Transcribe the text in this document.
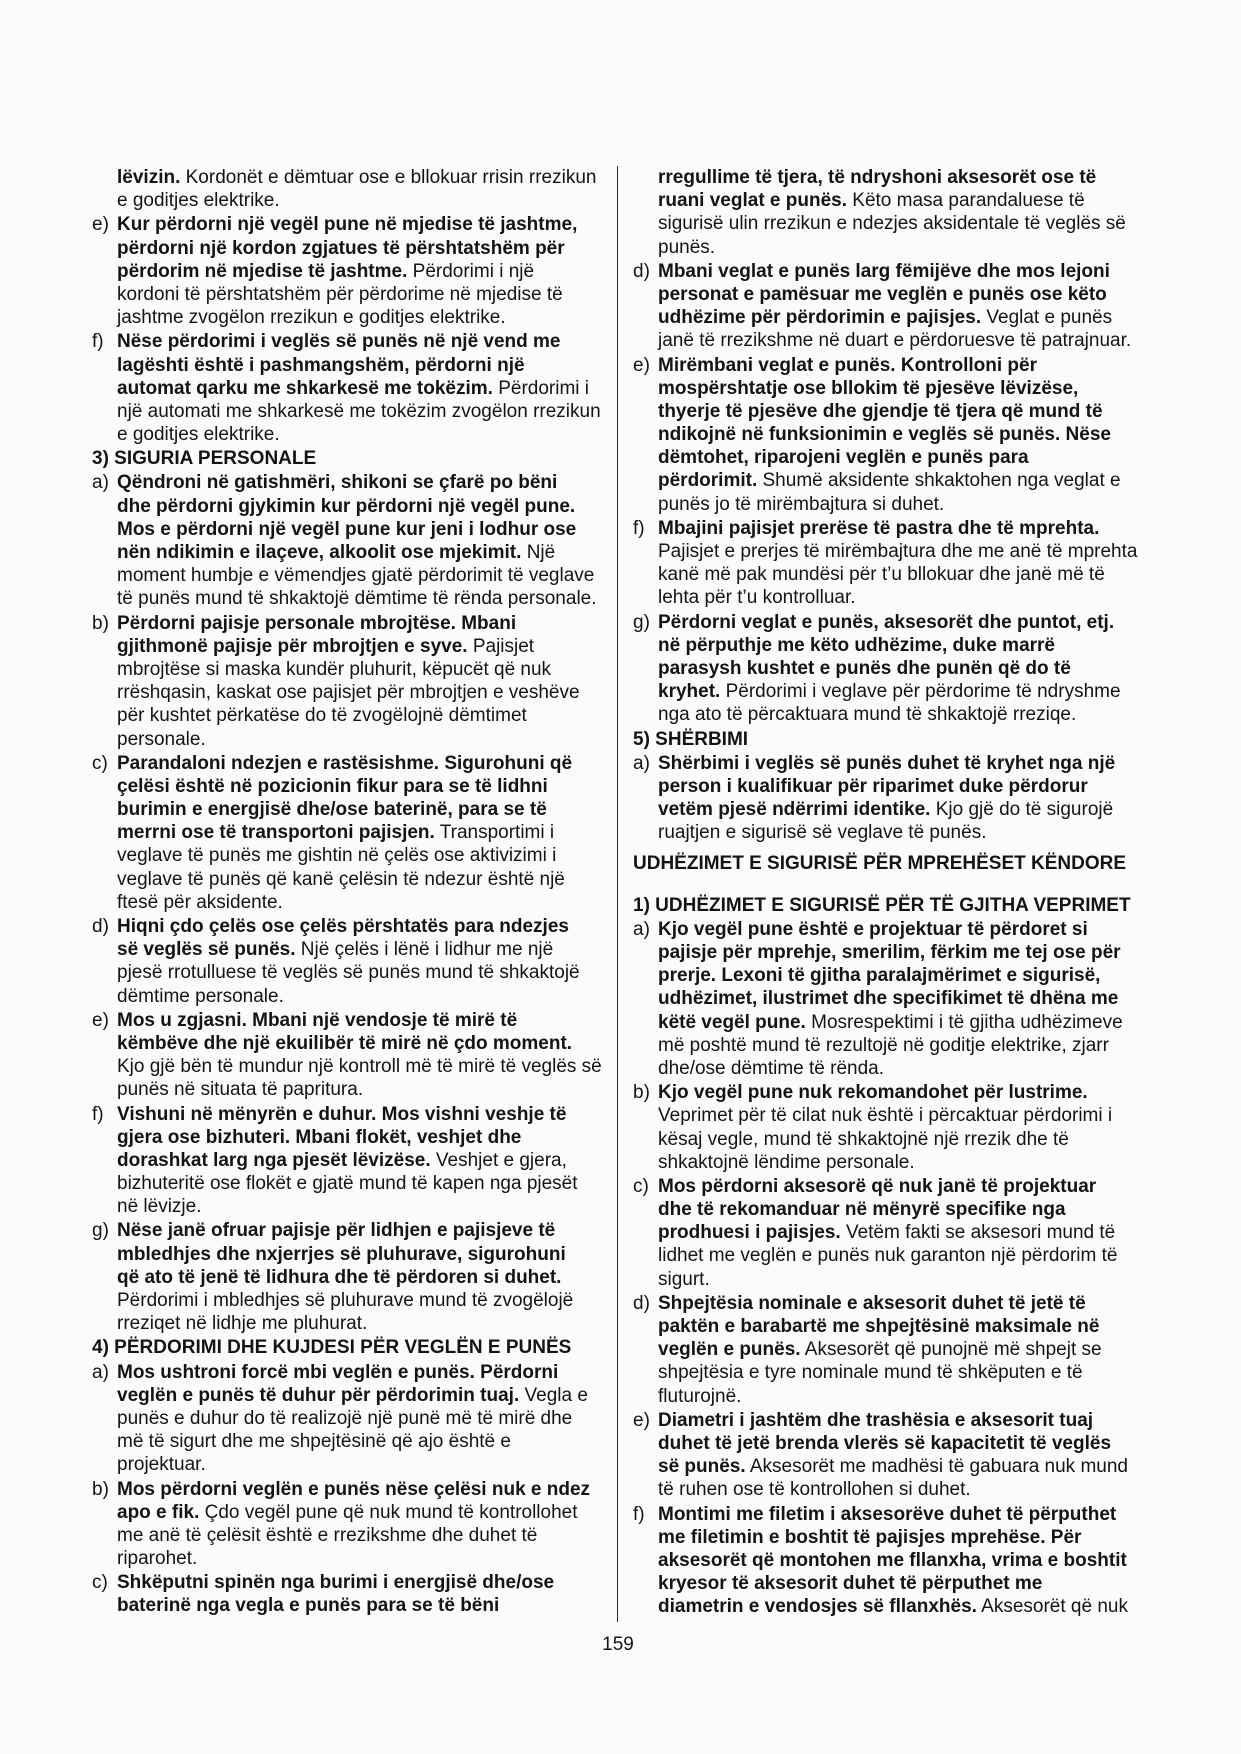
lëvizin. Kordonët e dëmtuar ose e bllokuar rrisin rrezikun
e goditjes elektrike.
e) Kur përdorni një vegël pune në mjedise të jashtme,
përdorni një kordon zgjatues të përshtatshëm për
përdorim në mjedise të jashtme. Përdorimi i një
kordoni të përshtatshëm për përdorime në mjedise të
jashtme zvogëlon rrezikun e goditjes elektrike.
f) Nëse përdorimi i veglës së punës në një vend me
lagështi është i pashmangshëm, përdorni një
automat qarku me shkarkesë me tokëzim. Përdorimi i
një automati me shkarkesë me tokëzim zvogëlon rrezikun
e goditjes elektrike.
3) SIGURIA PERSONALE
a) Qëndroni në gatishmëri, shikoni se çfarë po bëni
dhe përdorni gjykimin kur përdorni një vegël pune.
Mos e përdorni një vegël pune kur jeni i lodhur ose
nën ndikimin e ilaçeve, alkoolit ose mjekimit. Një
moment humbje e vëmendjes gjatë përdorimit të veglave
të punës mund të shkaktojë dëmtime të rënda personale.
b) Përdorni pajisje personale mbrojtëse. Mbani
gjithmonë pajisje për mbrojtjen e syve. Pajisjet
mbrojtëse si maska kundër pluhurit, këpucët që nuk
rrëshqasin, kaskat ose pajisjet për mbrojtjen e veshëve
për kushtet përkatëse do të zvogëlojnë dëmtimet
personale.
c) Parandaloni ndezjen e rastësishme. Sigurohuni që
çelësi është në pozicionin fikur para se të lidhni
burimin e energjisë dhe/ose baterinë, para se të
merrni ose të transportoni pajisjen. Transportimi i
veglave të punës me gishtin në çelës ose aktivizimi i
veglave të punës që kanë çelësin të ndezur është një
ftesë për aksidente.
d) Hiqni çdo çelës ose çelës përshtatës para ndezjes
së veglës së punës. Një çelës i lënë i lidhur me një
pjesë rrotulluese të veglës së punës mund të shkaktojë
dëmtime personale.
e) Mos u zgjasni. Mbani një vendosje të mirë të
këmbëve dhe një ekuilibër të mirë në çdo moment.
Kjo gjë bën të mundur një kontroll më të mirë të veglës së
punës në situata të papritura.
f) Vishuni në mënyrën e duhur. Mos vishni veshje të
gjera ose bizhuteri. Mbani flokët, veshjet dhe
dorashkat larg nga pjesët lëvizëse. Veshjet e gjera,
bizhuteritë ose flokët e gjatë mund të kapen nga pjesët
në lëvizje.
g) Nëse janë ofruar pajisje për lidhjen e pajisjeve të
mbledhjes dhe nxjerrjes së pluhurave, sigurohuni
që ato të jenë të lidhura dhe të përdoren si duhet.
Përdorimi i mbledhjes së pluhurave mund të zvogëlojë
rreziqet në lidhje me pluhurat.
4) PËRDORIMI DHE KUJDESI PËR VEGLËN E PUNËS
a) Mos ushtroni forcë mbi veglën e punës. Përdorni
veglën e punës të duhur për përdorimin tuaj. Vegla e
punës e duhur do të realizojë një punë më të mirë dhe
më të sigurt dhe me shpejtësinë që ajo është e
projektuar.
b) Mos përdorni veglën e punës nëse çelësi nuk e ndez
apo e fik. Çdo vegël pune që nuk mund të kontrollohet
me anë të çelësit është e rrezikshme dhe duhet të
riparohet.
c) Shkëputni spinën nga burimi i energjisë dhe/ose
baterinë nga vegla e punës para se të bëni
rregullime të tjera, të ndryshoni aksesorët ose të
ruani veglat e punës. Këto masa parandaluese të
sigurisë ulin rrezikun e ndezjes aksidentale të veglës së
punës.
d) Mbani veglat e punës larg fëmijëve dhe mos lejoni
personat e pamësuar me veglën e punës ose këto
udhëzime për përdorimin e pajisjes. Veglat e punës
janë të rrezikshme në duart e përdoruesve të patrajnuar.
e) Mirëmbani veglat e punës. Kontrolloni për
mospërshtatje ose bllokim të pjesëve lëvizëse,
thyerje të pjesëve dhe gjendje të tjera që mund të
ndikojnë në funksionimin e veglës së punës. Nëse
dëmtohet, riparojeni veglën e punës para
përdorimit. Shumë aksidente shkaktohen nga veglat e
punës jo të mirëmbajtura si duhet.
f) Mbajini pajisjet prerëse të pastra dhe të mprehta.
Pajisjet e prerjes të mirëmbajtura dhe me anë të mprehta
kanë më pak mundësi për t’u bllokuar dhe janë më të
lehta për t’u kontrolluar.
g) Përdorni veglat e punës, aksesorët dhe puntot, etj.
në përputhje me këto udhëzime, duke marrë
parasysh kushtet e punës dhe punën që do të
kryhet. Përdorimi i veglave për përdorime të ndryshme
nga ato të përcaktuara mund të shkaktojë rreziqe.
5) SHËRBIMI
a) Shërbimi i veglës së punës duhet të kryhet nga një
person i kualifikuar për riparimet duke përdorur
vetëm pjesë ndërrimi identike. Kjo gjë do të sigurojë
ruajtjen e sigurisë së veglave të punës.
UDHËZIMET E SIGURISË PËR MPREHËSET KËNDORE
1) UDHËZIMET E SIGURISË PËR TË GJITHA VEPRIMET
a) Kjo vegël pune është e projektuar të përdoret si
pajisje për mprehje, smerilim, fërkim me tej ose për
prerje. Lexoni të gjitha paralajmërimet e sigurisë,
udhëzimet, ilustrimet dhe specifikimet të dhëna me
këtë vegël pune. Mosrespektimi i të gjitha udhëzimeve
më poshtë mund të rezultojë në goditje elektrike, zjarr
dhe/ose dëmtime të rënda.
b) Kjo vegël pune nuk rekomandohet për lustrime.
Veprimet për të cilat nuk është i përcaktuar përdorimi i
kësaj vegle, mund të shkaktojnë një rrezik dhe të
shkaktojnë lëndime personale.
c) Mos përdorni aksesorë që nuk janë të projektuar
dhe të rekomanduar në mënyrë specifike nga
prodhuesi i pajisjes. Vetëm fakti se aksesori mund të
lidhet me veglën e punës nuk garanton një përdorim të
sigurt.
d) Shpejtësia nominale e aksesorit duhet të jetë të
paktën e barabartë me shpejtësinë maksimale në
veglën e punës. Aksesorët që punojnë më shpejt se
shpejtësia e tyre nominale mund të shkëputen e të
fluturojnë.
e) Diametri i jashtëm dhe trashësia e aksesorit tuaj
duhet të jetë brenda vlerës së kapacitetit të veglës
së punës. Aksesorët me madhësi të gabuara nuk mund
të ruhen ose të kontrollohen si duhet.
f) Montimi me filetim i aksesorëve duhet të përputhet
me filetimin e boshtit të pajisjes mprehëse. Për
aksesorët që montohen me fllanxha, vrima e boshtit
kryesor të aksesorit duhet të përputhet me
diametrin e vendosjes së fllanxhës. Aksesorët që nuk
159
